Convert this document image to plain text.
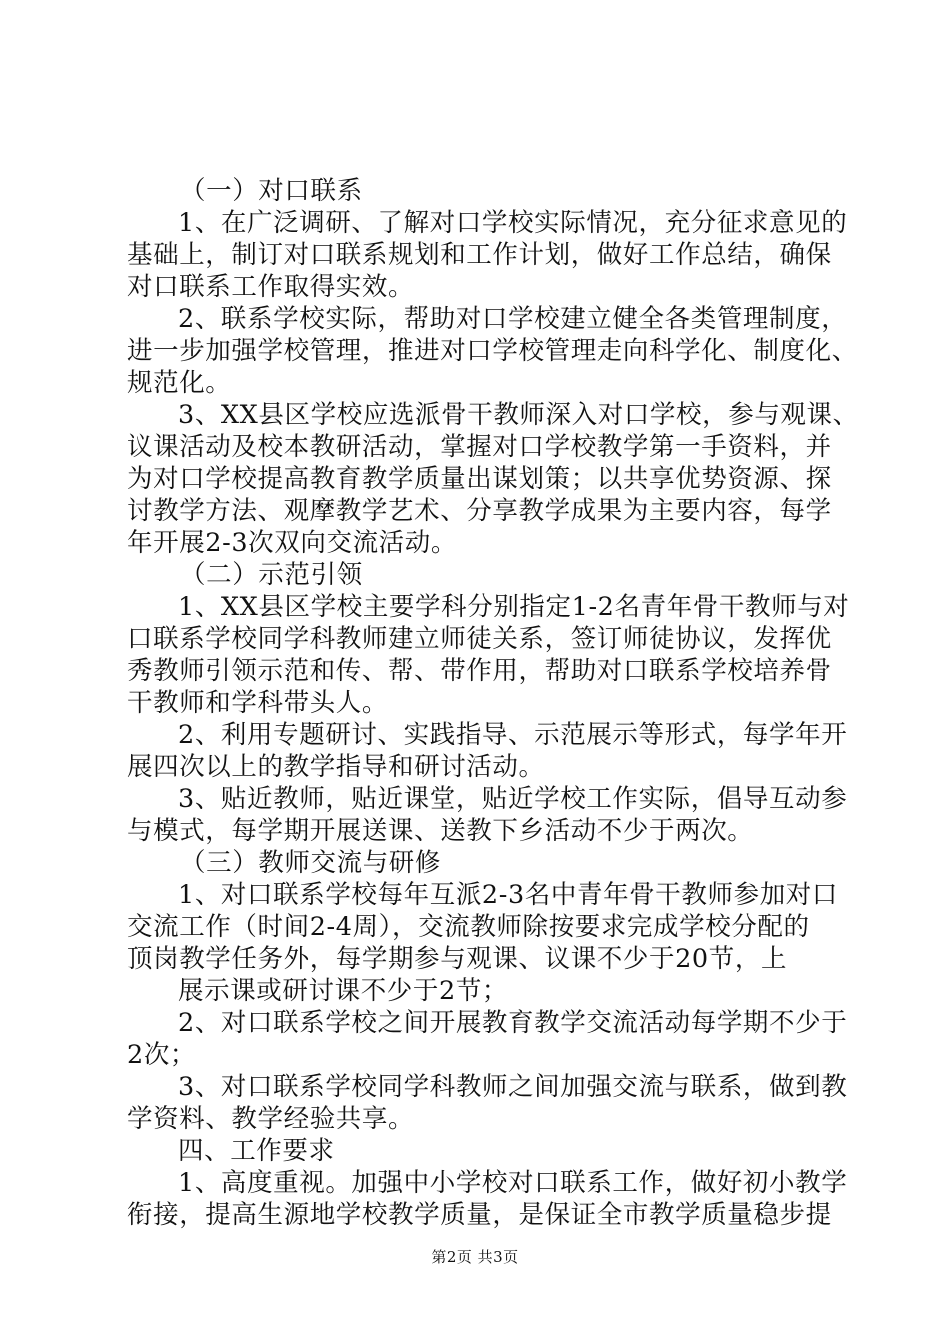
（一）对口联系
1、在广泛调研、了解对口学校实际情况，充分征求意见的
基础上，制订对口联系规划和工作计划，做好工作总结，确保
对口联系工作取得实效。
2、联系学校实际，帮助对口学校建立健全各类管理制度，
进一步加强学校管理，推进对口学校管理走向科学化、制度化、
规范化。
3、XX县区学校应选派骨干教师深入对口学校，参与观课、
议课活动及校本教研活动，掌握对口学校教学第一手资料，并
为对口学校提高教育教学质量出谋划策；以共享优势资源、探
讨教学方法、观摩教学艺术、分享教学成果为主要内容，每学
年开展2-3次双向交流活动。
（二）示范引领
1、XX县区学校主要学科分别指定1-2名青年骨干教师与对
口联系学校同学科教师建立师徒关系，签订师徒协议，发挥优
秀教师引领示范和传、帮、带作用，帮助对口联系学校培养骨
干教师和学科带头人。
2、利用专题研讨、实践指导、示范展示等形式，每学年开
展四次以上的教学指导和研讨活动。
3、贴近教师，贴近课堂，贴近学校工作实际，倡导互动参
与模式，每学期开展送课、送教下乡活动不少于两次。
（三）教师交流与研修
1、对口联系学校每年互派2-3名中青年骨干教师参加对口
交流工作（时间2-4周），交流教师除按要求完成学校分配的
顶岗教学任务外，每学期参与观课、议课不少于20节，上
展示课或研讨课不少于2节；
2、对口联系学校之间开展教育教学交流活动每学期不少于
2次；
3、对口联系学校同学科教师之间加强交流与联系，做到教
学资料、教学经验共享。
四、工作要求
1、高度重视。加强中小学校对口联系工作，做好初小教学
衔接，提高生源地学校教学质量，是保证全市教学质量稳步提
第2页 共3页
